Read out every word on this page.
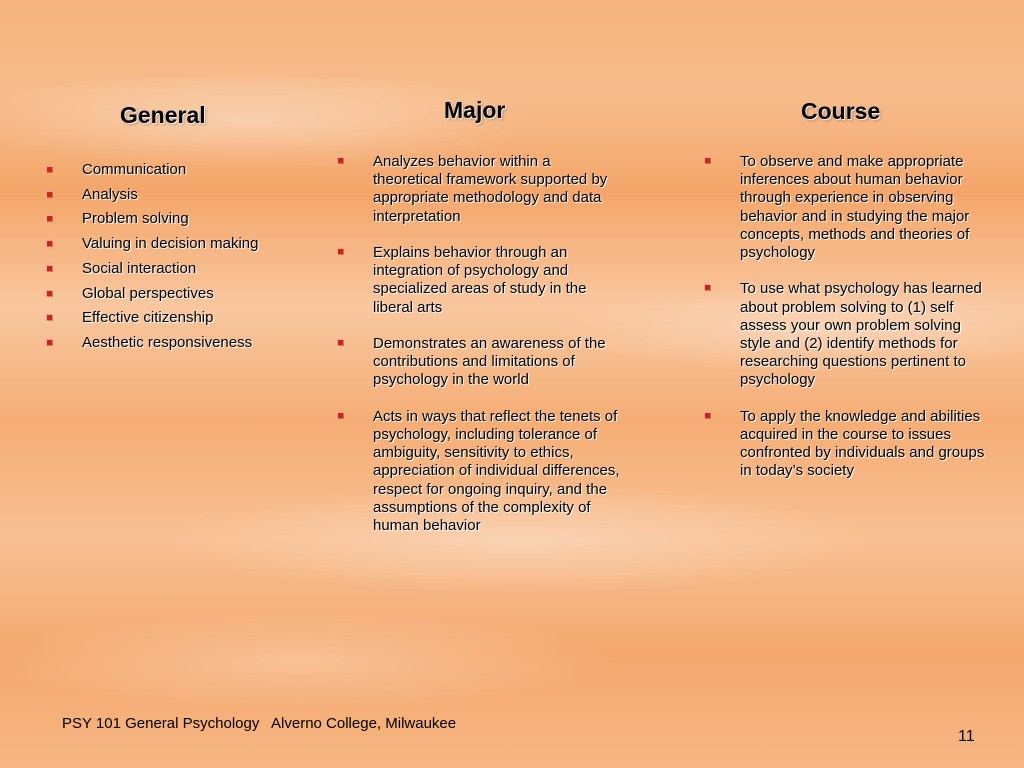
General	Major	Course
Communication
Analysis
Problem solving
Valuing in decision making
Social interaction
Global perspectives
Effective citizenship
Aesthetic responsiveness
Analyzes behavior within a theoretical framework supported by appropriate methodology and data interpretation
Explains behavior through an integration of psychology and specialized areas of study in the liberal arts
Demonstrates an awareness of the contributions and limitations of psychology in the world
Acts in ways that reflect the tenets of psychology, including tolerance of ambiguity, sensitivity to ethics, appreciation of individual differences, respect for ongoing inquiry, and the assumptions of the complexity of human behavior
To observe and make appropriate inferences about human behavior through experience in observing behavior and in studying the major concepts, methods and theories of psychology
To use what psychology has learned about problem solving to (1) self assess your own problem solving style and (2) identify methods for researching questions pertinent to psychology
To apply the knowledge and abilities acquired in the course to issues confronted by individuals and groups in today’s society
PSY 101 General Psychology   Alverno College, Milwaukee
11
